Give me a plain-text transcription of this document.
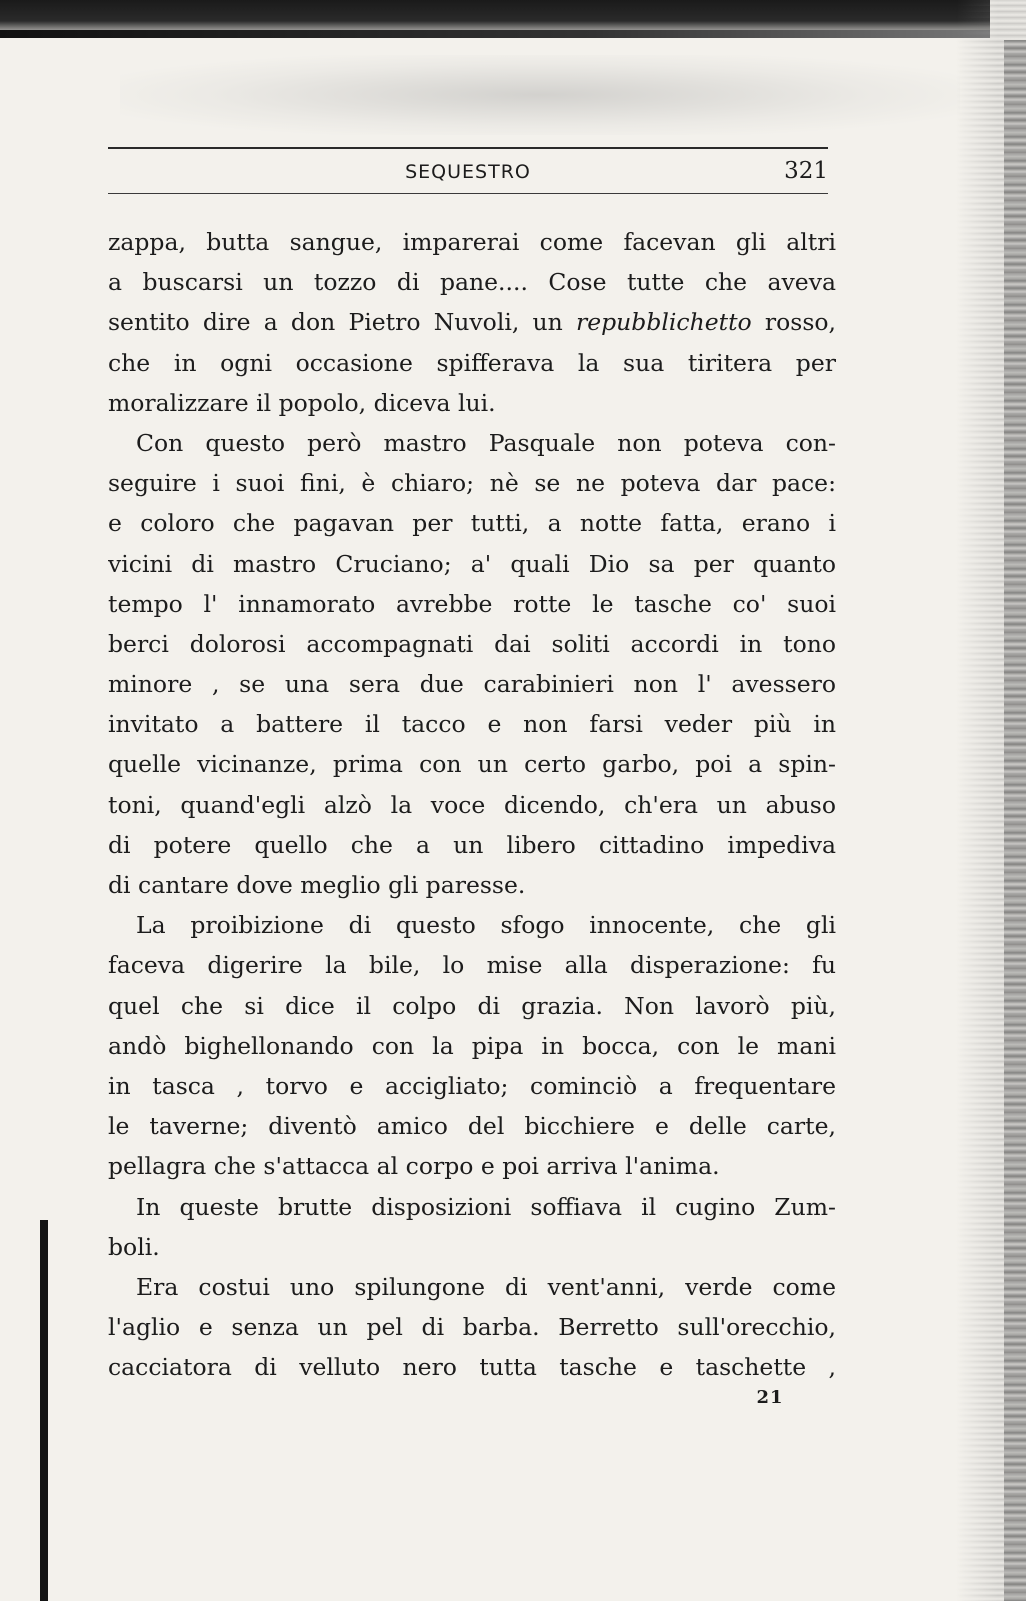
SEQUESTRO	321
zappa, butta sangue, imparerai come facevan gli altri
a buscarsi un tozzo di pane.... Cose tutte che aveva
sentito dire a don Pietro Nuvoli, un repubblichetto rosso,
che in ogni occasione spifferava la sua tiritera per
moralizzare il popolo, diceva lui.
Con questo però mastro Pasquale non poteva con-
seguire i suoi fini, è chiaro; nè se ne poteva dar pace:
e coloro che pagavan per tutti, a notte fatta, erano i
vicini di mastro Cruciano; a' quali Dio sa per quanto
tempo l' innamorato avrebbe rotte le tasche co' suoi
berci dolorosi accompagnati dai soliti accordi in tono
minore , se una sera due carabinieri non l' avessero
invitato a battere il tacco e non farsi veder più in
quelle vicinanze, prima con un certo garbo, poi a spin-
toni, quand'egli alzò la voce dicendo, ch'era un abuso
di potere quello che a un libero cittadino impediva
di cantare dove meglio gli paresse.
La proibizione di questo sfogo innocente, che gli
faceva digerire la bile, lo mise alla disperazione: fu
quel che si dice il colpo di grazia. Non lavorò più,
andò bighellonando con la pipa in bocca, con le mani
in tasca , torvo e accigliato; cominciò a frequentare
le taverne; diventò amico del bicchiere e delle carte,
pellagra che s'attacca al corpo e poi arriva l'anima.
In queste brutte disposizioni soffiava il cugino Zum-
boli.
Era costui uno spilungone di vent'anni, verde come
l'aglio e senza un pel di barba. Berretto sull'orecchio,
cacciatora di velluto nero tutta tasche e taschette ,
21
